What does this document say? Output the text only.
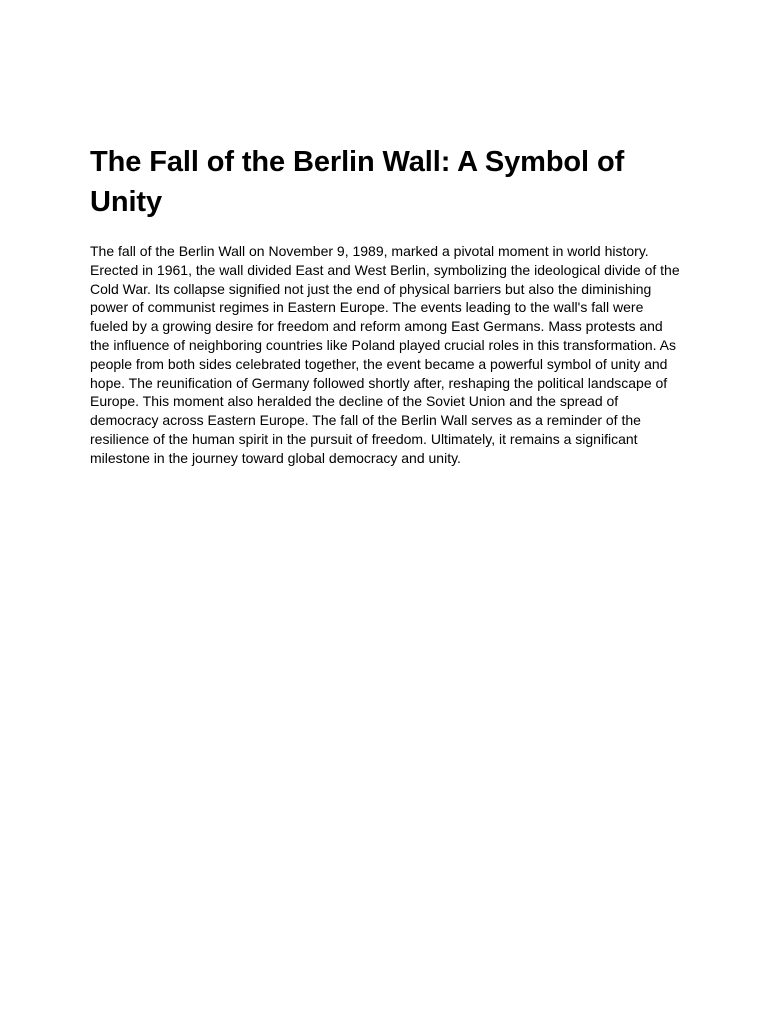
The Fall of the Berlin Wall: A Symbol of Unity

The fall of the Berlin Wall on November 9, 1989, marked a pivotal moment in world history. Erected in 1961, the wall divided East and West Berlin, symbolizing the ideological divide of the Cold War. Its collapse signified not just the end of physical barriers but also the diminishing power of communist regimes in Eastern Europe. The events leading to the wall's fall were fueled by a growing desire for freedom and reform among East Germans. Mass protests and the influence of neighboring countries like Poland played crucial roles in this transformation. As people from both sides celebrated together, the event became a powerful symbol of unity and hope. The reunification of Germany followed shortly after, reshaping the political landscape of Europe. This moment also heralded the decline of the Soviet Union and the spread of democracy across Eastern Europe. The fall of the Berlin Wall serves as a reminder of the resilience of the human spirit in the pursuit of freedom. Ultimately, it remains a significant milestone in the journey toward global democracy and unity.
